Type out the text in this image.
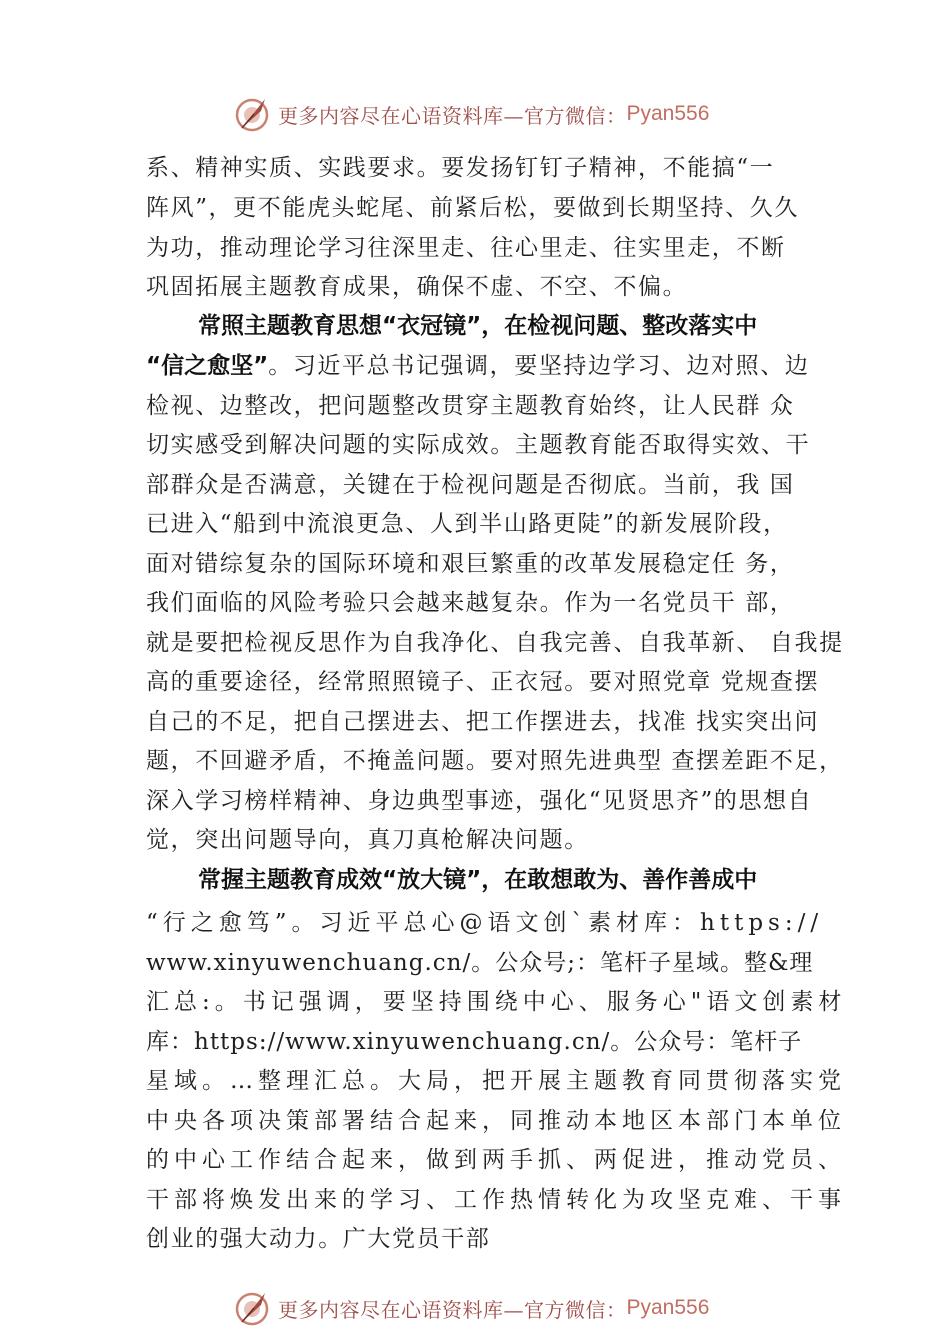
更多内容尽在心语资料库—官方微信： Pyan556
系、精神实质、实践要求。要发扬钉钉子精神，不能搞“一
阵风”，更不能虎头蛇尾、前紧后松，要做到长期坚持、久久
为功，推动理论学习往深里走、往心里走、往实里走，不断
巩固拓展主题教育成果，确保不虚、不空、不偏。
常照主题教育思想“衣冠镜”，在检视问题、整改落实中
“信之愈坚”。习近平总书记强调，要坚持边学习、边对照、边
检视、边整改，把问题整改贯穿主题教育始终，让人民群 众
切实感受到解决问题的实际成效。主题教育能否取得实效、干
部群众是否满意，关键在于检视问题是否彻底。当前，我 国
已进入“船到中流浪更急、人到半山路更陡”的新发展阶段，
面对错综复杂的国际环境和艰巨繁重的改革发展稳定任 务，
我们面临的风险考验只会越来越复杂。作为一名党员干 部，
就是要把检视反思作为自我净化、自我完善、自我革新、 自我提
高的重要途径，经常照照镜子、正衣冠。要对照党章 党规查摆
自己的不足，把自己摆进去、把工作摆进去，找准 找实突出问
题，不回避矛盾，不掩盖问题。要对照先进典型 查摆差距不足，
深入学习榜样精神、身边典型事迹，强化“见贤思齐”的思想自
觉，突出问题导向，真刀真枪解决问题。
常握主题教育成效“放大镜”，在敢想敢为、善作善成中
“行之愈笃”。习近平总心@语文创`素材库：https://
www.xinyuwenchuang.cn/。公众号;：笔杆子星域。整&理
汇总:。书记强调，要坚持围绕中心、服务心"语文创素材
库：https://www.xinyuwenchuang.cn/。公众号：笔杆子
星域。…整理汇总。大局，把开展主题教育同贯彻落实党
中央各项决策部署结合起来，同推动本地区本部门本单位
的中心工作结合起来，做到两手抓、两促进，推动党员、
干部将焕发出来的学习、工作热情转化为攻坚克难、干事
创业的强大动力。广大党员干部
更多内容尽在心语资料库—官方微信： Pyan556
